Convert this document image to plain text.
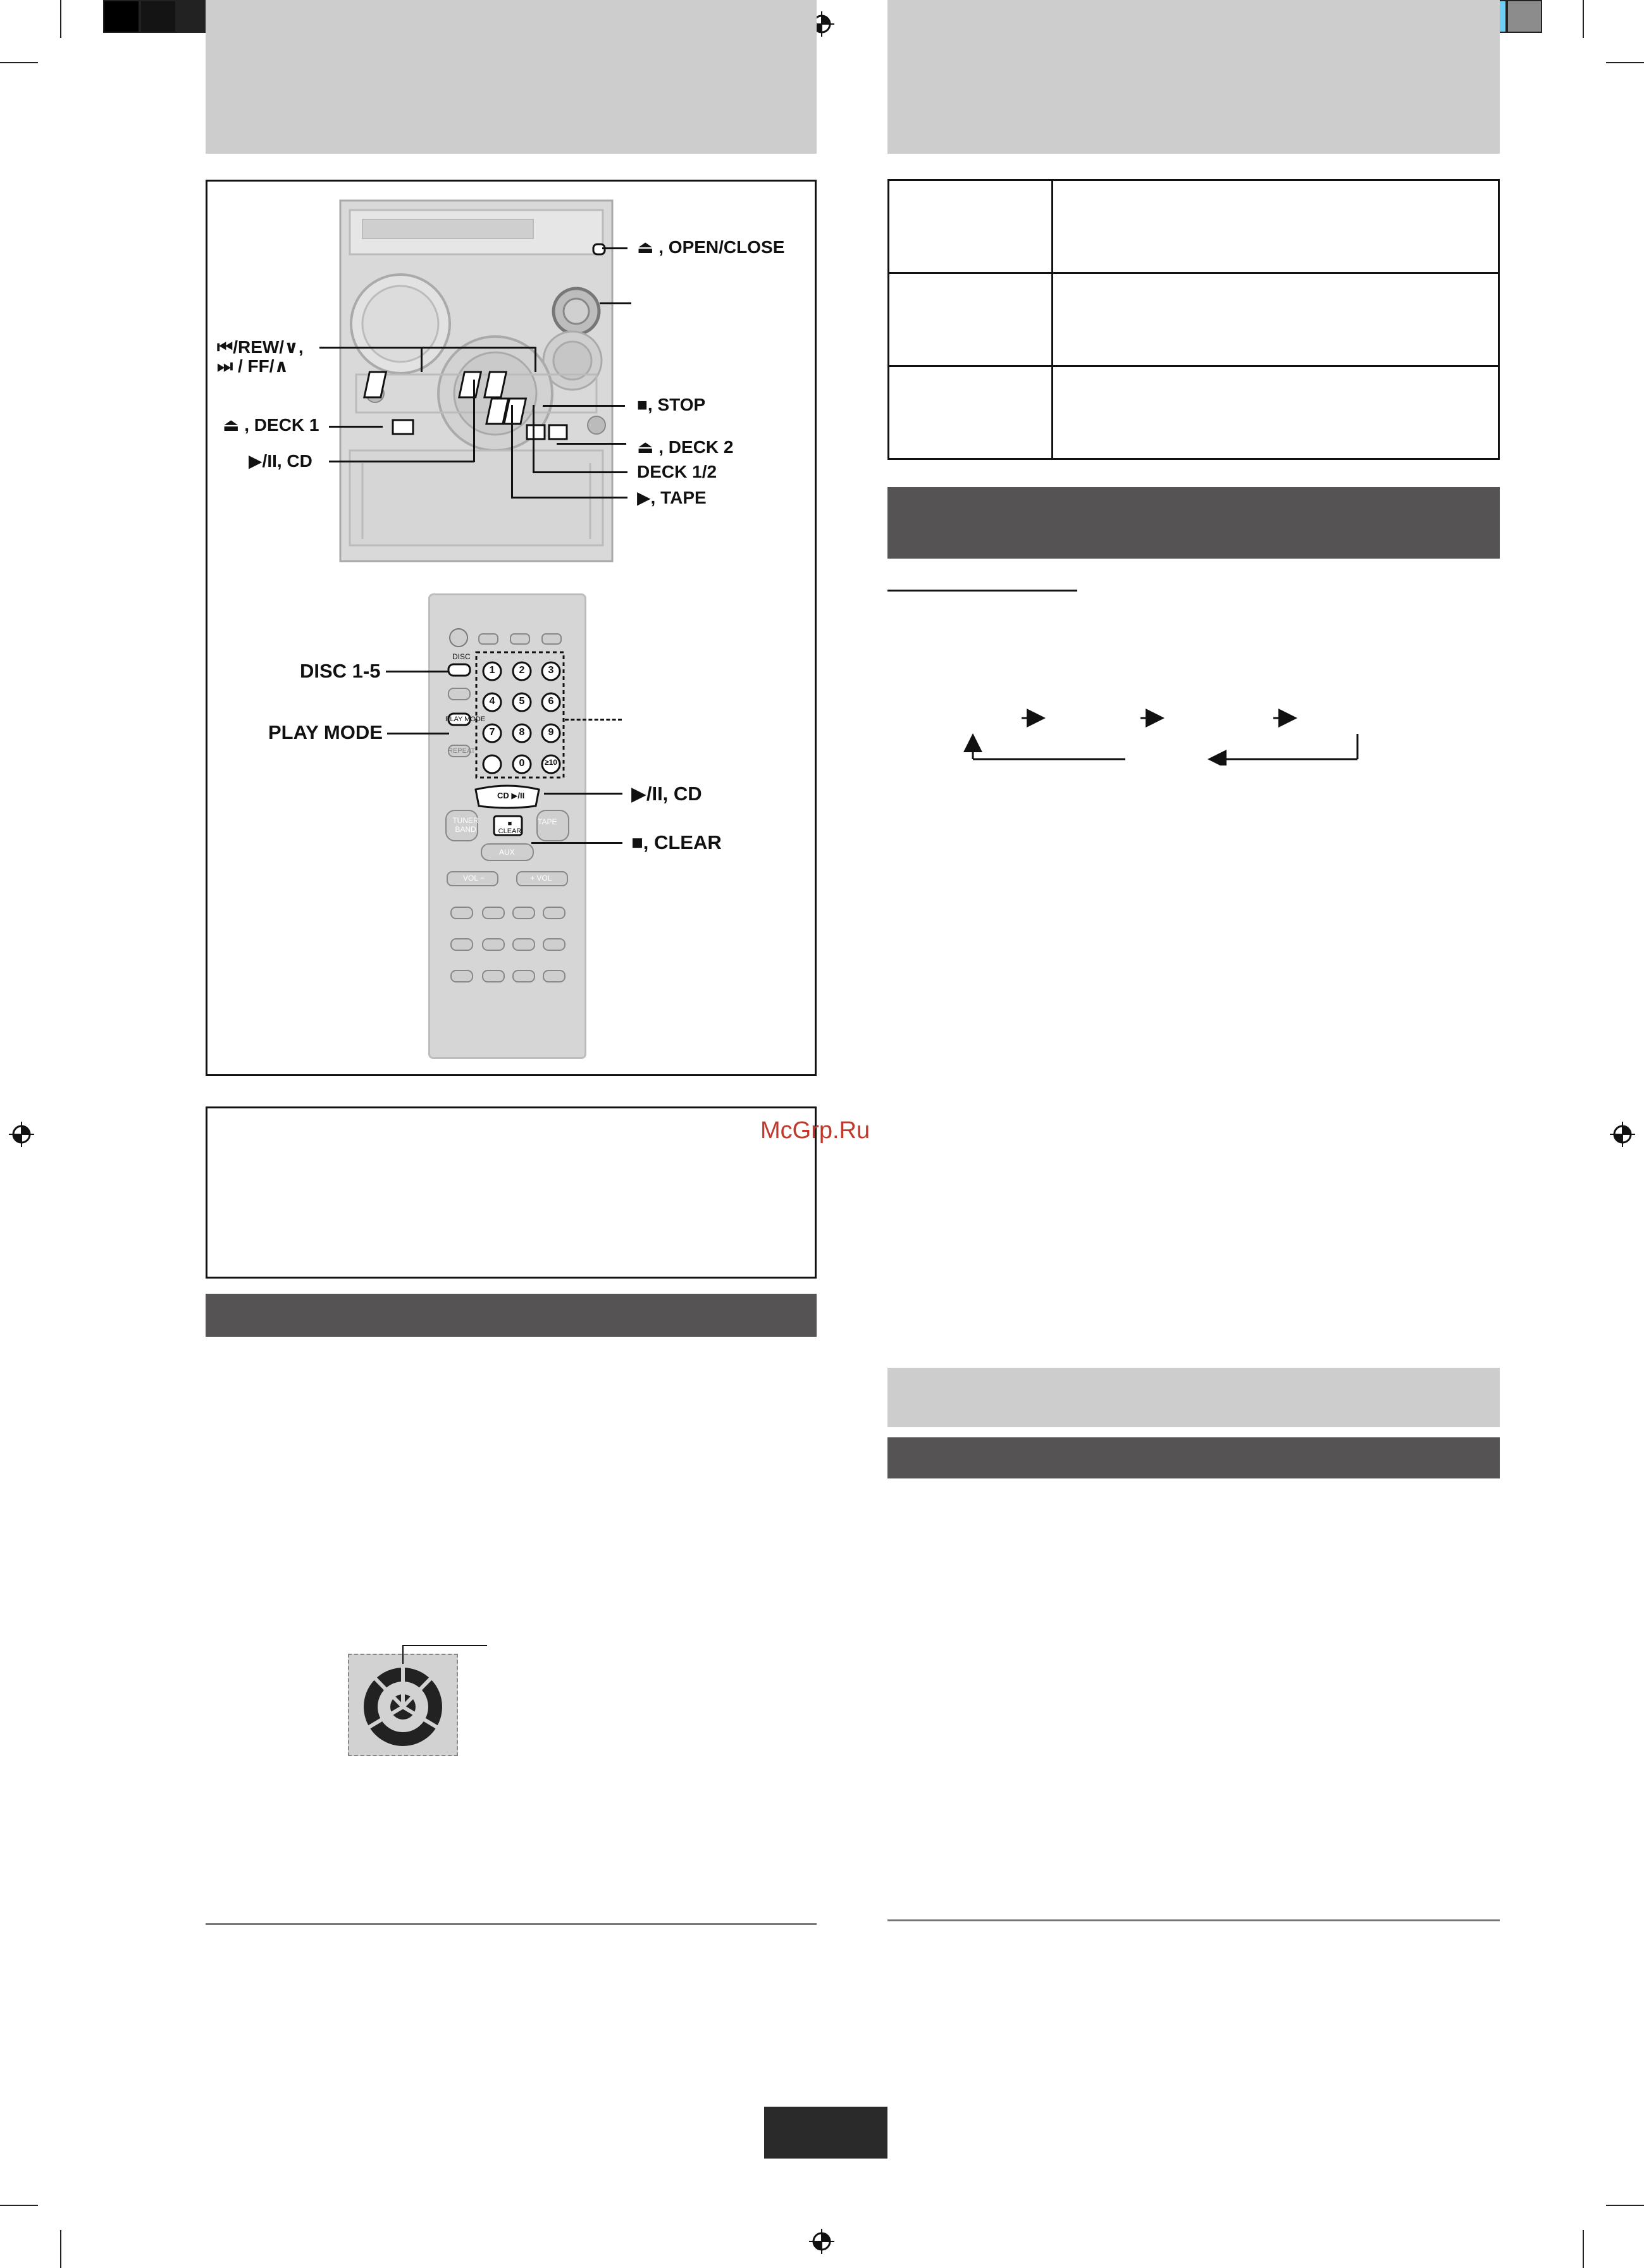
⏏ , OPEN/CLOSE
⏮/REW/∨,
⏭ / FF/∧
■, STOP
⏏ , DECK 1
⏏ , DECK 2
▶/II, CD
DECK 1/2
▶, TAPE
DISC
PLAY MODE
REPEAT
1	2	3
4	5	6
7	8	9
0	≥10
CD ▶/II
TUNER BAND
TAPE
■ CLEAR
AUX
VOL −	+ VOL
DISC 1-5
PLAY MODE
▶/II, CD
■, CLEAR

McGrp.Ru
